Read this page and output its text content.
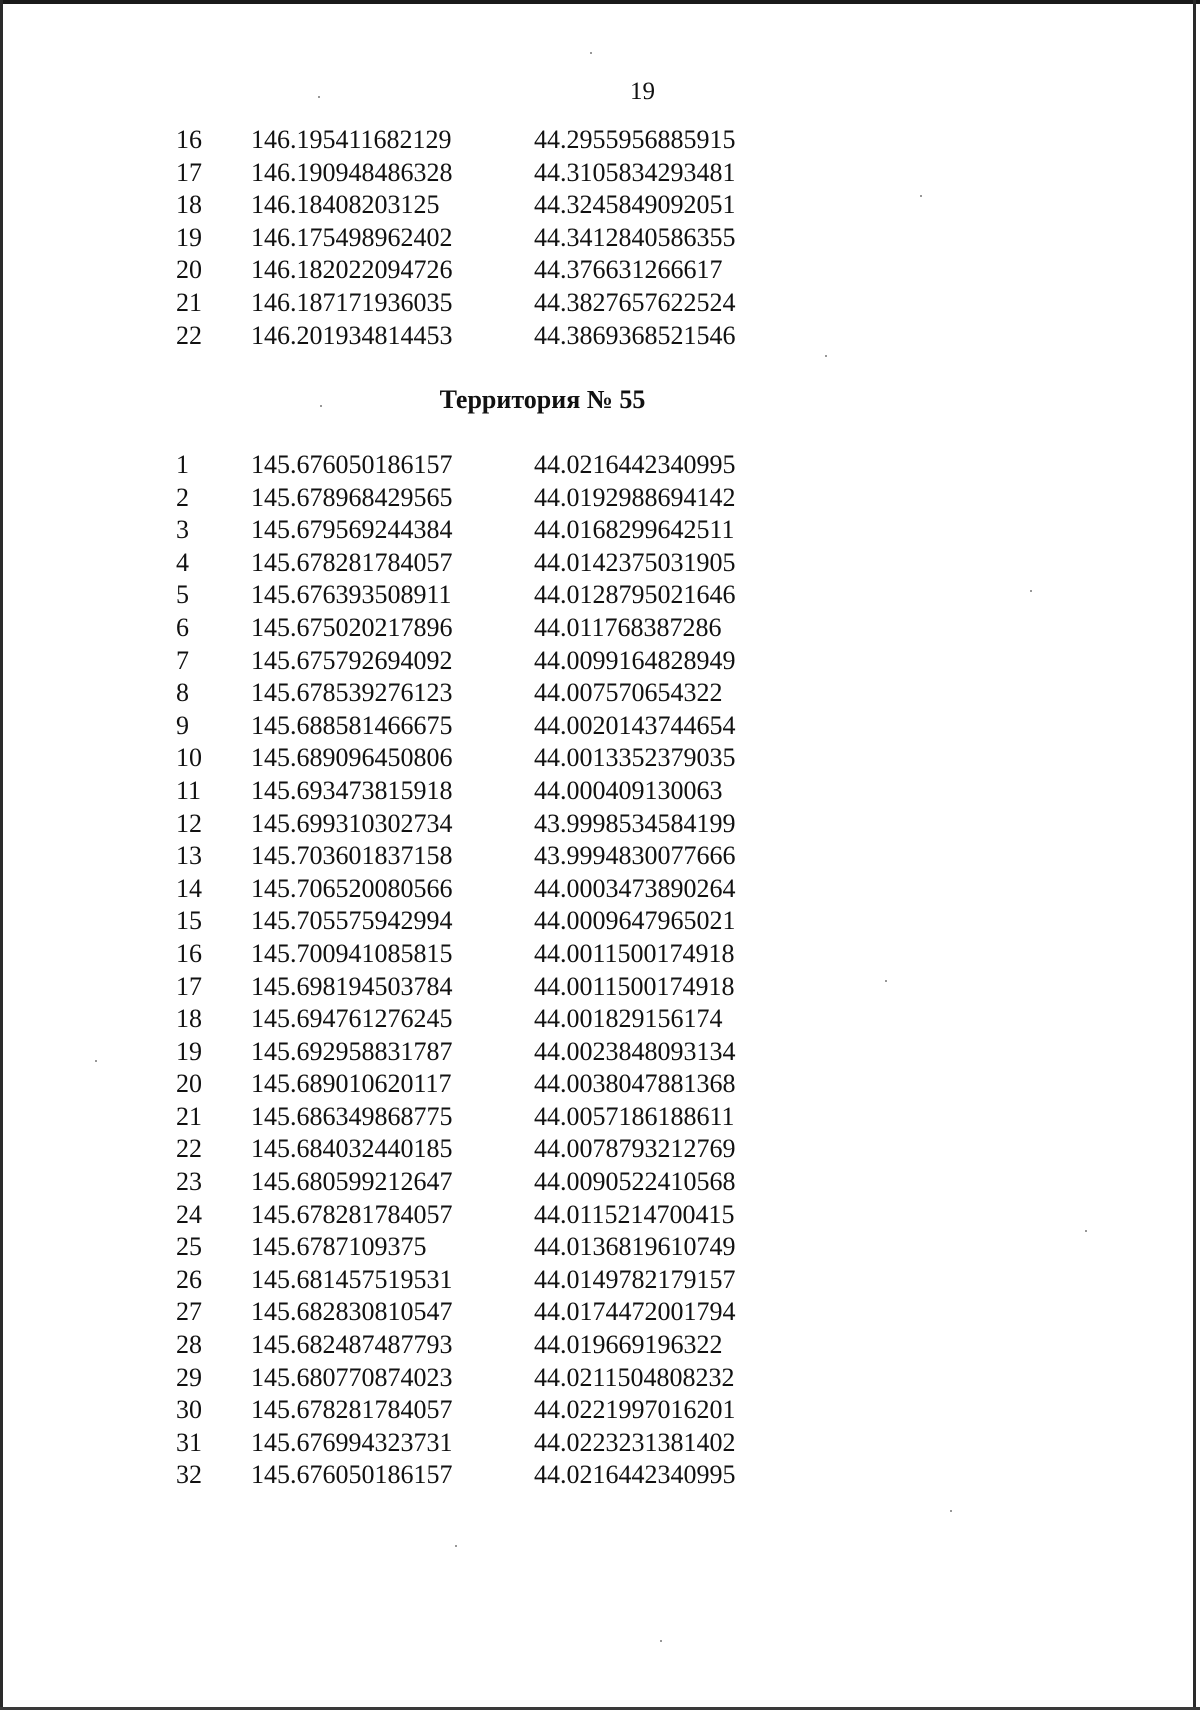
19
16	146.195411682129	44.2955956885915
17	146.190948486328	44.3105834293481
18	146.18408203125	44.3245849092051
19	146.175498962402	44.3412840586355
20	146.182022094726	44.376631266617
21	146.187171936035	44.3827657622524
22	146.201934814453	44.3869368521546
Территория № 55
1	145.676050186157	44.0216442340995
2	145.678968429565	44.0192988694142
3	145.679569244384	44.0168299642511
4	145.678281784057	44.0142375031905
5	145.676393508911	44.0128795021646
6	145.675020217896	44.011768387286
7	145.675792694092	44.0099164828949
8	145.678539276123	44.007570654322
9	145.688581466675	44.0020143744654
10	145.689096450806	44.0013352379035
11	145.693473815918	44.000409130063
12	145.699310302734	43.9998534584199
13	145.703601837158	43.9994830077666
14	145.706520080566	44.0003473890264
15	145.705575942994	44.0009647965021
16	145.700941085815	44.0011500174918
17	145.698194503784	44.0011500174918
18	145.694761276245	44.001829156174
19	145.692958831787	44.0023848093134
20	145.689010620117	44.0038047881368
21	145.686349868775	44.0057186188611
22	145.684032440185	44.0078793212769
23	145.680599212647	44.0090522410568
24	145.678281784057	44.0115214700415
25	145.6787109375	44.0136819610749
26	145.681457519531	44.0149782179157
27	145.682830810547	44.0174472001794
28	145.682487487793	44.019669196322
29	145.680770874023	44.0211504808232
30	145.678281784057	44.0221997016201
31	145.676994323731	44.0223231381402
32	145.676050186157	44.0216442340995
